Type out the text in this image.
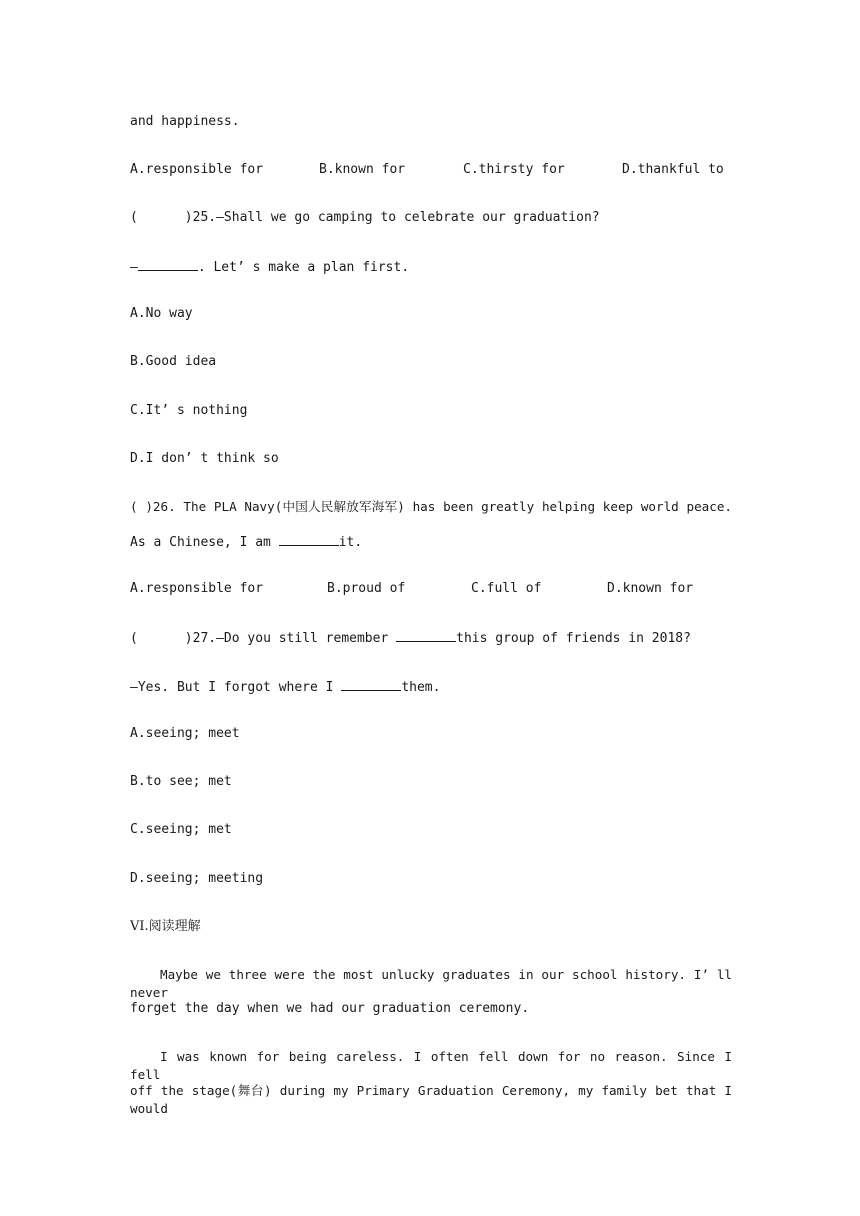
and happiness.
A.responsible for	B.known for	C.thirsty for	D.thankful to
(      )25.—Shall we go camping to celebrate our graduation?
—	. Let’ s make a plan first.
A.No way
B.Good idea
C.It’ s nothing
D.I don’ t think so
( )26. The PLA Navy(中国人民解放军海军) has been greatly helping keep world peace.
As a Chinese, I am	it.
A.responsible for	B.proud of	C.full of	D.known for
(      )27.—Do you still remember	this group of friends in 2018?
—Yes. But I forgot where I	them.
A.seeing; meet
B.to see; met
C.seeing; met
D.seeing; meeting
VI.阅读理解
Maybe we three were the most unlucky graduates in our school history. I’ ll never
forget the day when we had our graduation ceremony.
I was known for being careless. I often fell down for no reason. Since I fell
off the stage(舞台) during my Primary Graduation Ceremony, my family bet that I would
